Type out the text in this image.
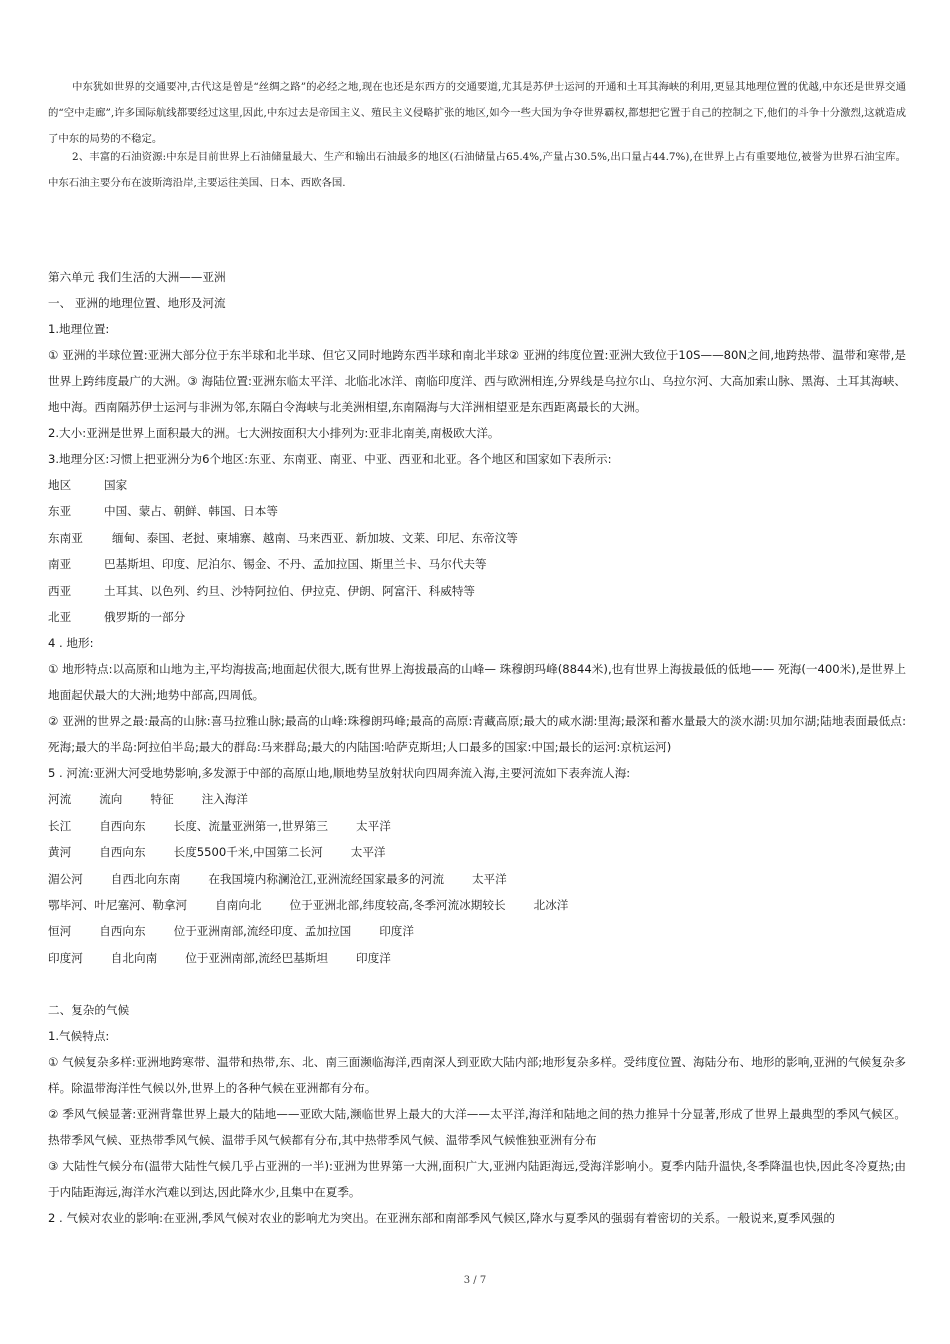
中东犹如世界的交通要冲,古代这是曾是“丝绸之路”的必经之地,现在也还是东西方的交通要道,尤其是苏伊士运河的开通和土耳其海峡的利用,更显其地理位置的优越,中东还是世界交通的“空中走廊”,许多国际航线都要经过这里,因此,中东过去是帝国主义、殖民主义侵略扩张的地区,如今一些大国为争夺世界霸权,都想把它置于自己的控制之下,他们的斗争十分激烈,这就造成了中东的局势的不稳定。

2、丰富的石油资源:中东是目前世界上石油储量最大、生产和输出石油最多的地区(石油储量占65.4%,产量占30.5%,出口量占44.7%),在世界上占有重要地位,被誉为世界石油宝库。中东石油主要分布在波斯湾沿岸,主要运往美国、日本、西欧各国.

第六单元 我们生活的大洲——亚洲
一、 亚洲的地理位置、地形及河流
1.地理位置:

① 亚洲的半球位置:亚洲大部分位于东半球和北半球、但它又同时地跨东西半球和南北半球② 亚洲的纬度位置:亚洲大致位于10S——80N之间,地跨热带、温带和寒带,是世界上跨纬度最广的大洲。③ 海陆位置:亚洲东临太平洋、北临北冰洋、南临印度洋、西与欧洲相连,分界线是乌拉尔山、乌拉尔河、大高加索山脉、黑海、土耳其海峡、地中海。西南隔苏伊士运河与非洲为邻,东隔白令海峡与北美洲相望,东南隔海与大洋洲相望亚是东西距离最长的大洲。

2.大小:亚洲是世界上面积最大的洲。七大洲按面积大小排列为:亚非北南美,南极欧大洋。
3.地理分区:习惯上把亚洲分为6个地区:东亚、东南亚、南亚、中亚、西亚和北亚。各个地区和国家如下表所示:
地区	国家
东亚	中国、蒙占、朝鲜、韩国、日本等
东南亚	缅甸、泰国、老挝、柬埔寨、越南、马来西亚、新加坡、文莱、印尼、东帝汶等
南亚	巴基斯坦、印度、尼泊尔、锡金、不丹、孟加拉国、斯里兰卡、马尔代夫等
西亚	土耳其、以色列、约旦、沙特阿拉伯、伊拉克、伊朗、阿富汗、科威特等
北亚	俄罗斯的一部分
4 . 地形:

① 地形特点:以高原和山地为主,平均海拔高;地面起伏很大,既有世界上海拔最高的山峰— 珠穆朗玛峰(8844米),也有世界上海拔最低的低地—— 死海(一400米),是世界上地面起伏最大的大洲;地势中部高,四周低。

② 亚洲的世界之最:最高的山脉:喜马拉雅山脉;最高的山峰:珠穆朗玛峰;最高的高原:青藏高原;最大的咸水湖:里海;最深和蓄水量最大的淡水湖:贝加尔湖;陆地表面最低点:死海;最大的半岛:阿拉伯半岛;最大的群岛:马来群岛;最大的内陆国:哈萨克斯坦;人口最多的国家:中国;最长的运河:京杭运河)

5 . 河流:亚洲大河受地势影响,多发源于中部的高原山地,顺地势呈放射状向四周奔流入海,主要河流如下表奔流人海:
河流 流向 特征 注入海洋
长江 自西向东 长度、流量亚洲第一,世界第三 太平洋
黄河 自西向东 长度5500千米,中国第二长河 太平洋
湄公河 自西北向东南 在我国境内称澜沧江,亚洲流经国家最多的河流 太平洋
鄂毕河、叶尼塞河、勒拿河 自南向北 位于亚洲北部,纬度较高,冬季河流冰期较长 北冰洋
恒河 自西向东 位于亚洲南部,流经印度、孟加拉国 印度洋
印度河 自北向南 位于亚洲南部,流经巴基斯坦 印度洋
二、复杂的气候
1.气候特点:

① 气候复杂多样:亚洲地跨寒带、温带和热带,东、北、南三面濒临海洋,西南深人到亚欧大陆内部;地形复杂多样。受纬度位置、海陆分布、地形的影响,亚洲的气候复杂多样。除温带海洋性气候以外,世界上的各种气候在亚洲都有分布。

② 季风气候显著:亚洲背靠世界上最大的陆地——亚欧大陆,濒临世界上最大的大洋——太平洋,海洋和陆地之间的热力推异十分显著,形成了世界上最典型的季风气候区。热带季风气候、亚热带季风气候、温带手风气候都有分布,其中热带季风气候、温带季风气候惟独亚洲有分布

③ 大陆性气候分布(温带大陆性气候几乎占亚洲的一半):亚洲为世界第一大洲,面积广大,亚洲内陆距海远,受海洋影响小。夏季内陆升温快,冬季降温也快,因此冬冷夏热;由于内陆距海远,海洋水汽难以到达,因此降水少,且集中在夏季。

2 . 气候对农业的影响:在亚洲,季风气候对农业的影响尤为突出。在亚洲东部和南部季风气候区,降水与夏季风的强弱有着密切的关系。一般说来,夏季风强的

3 / 7
